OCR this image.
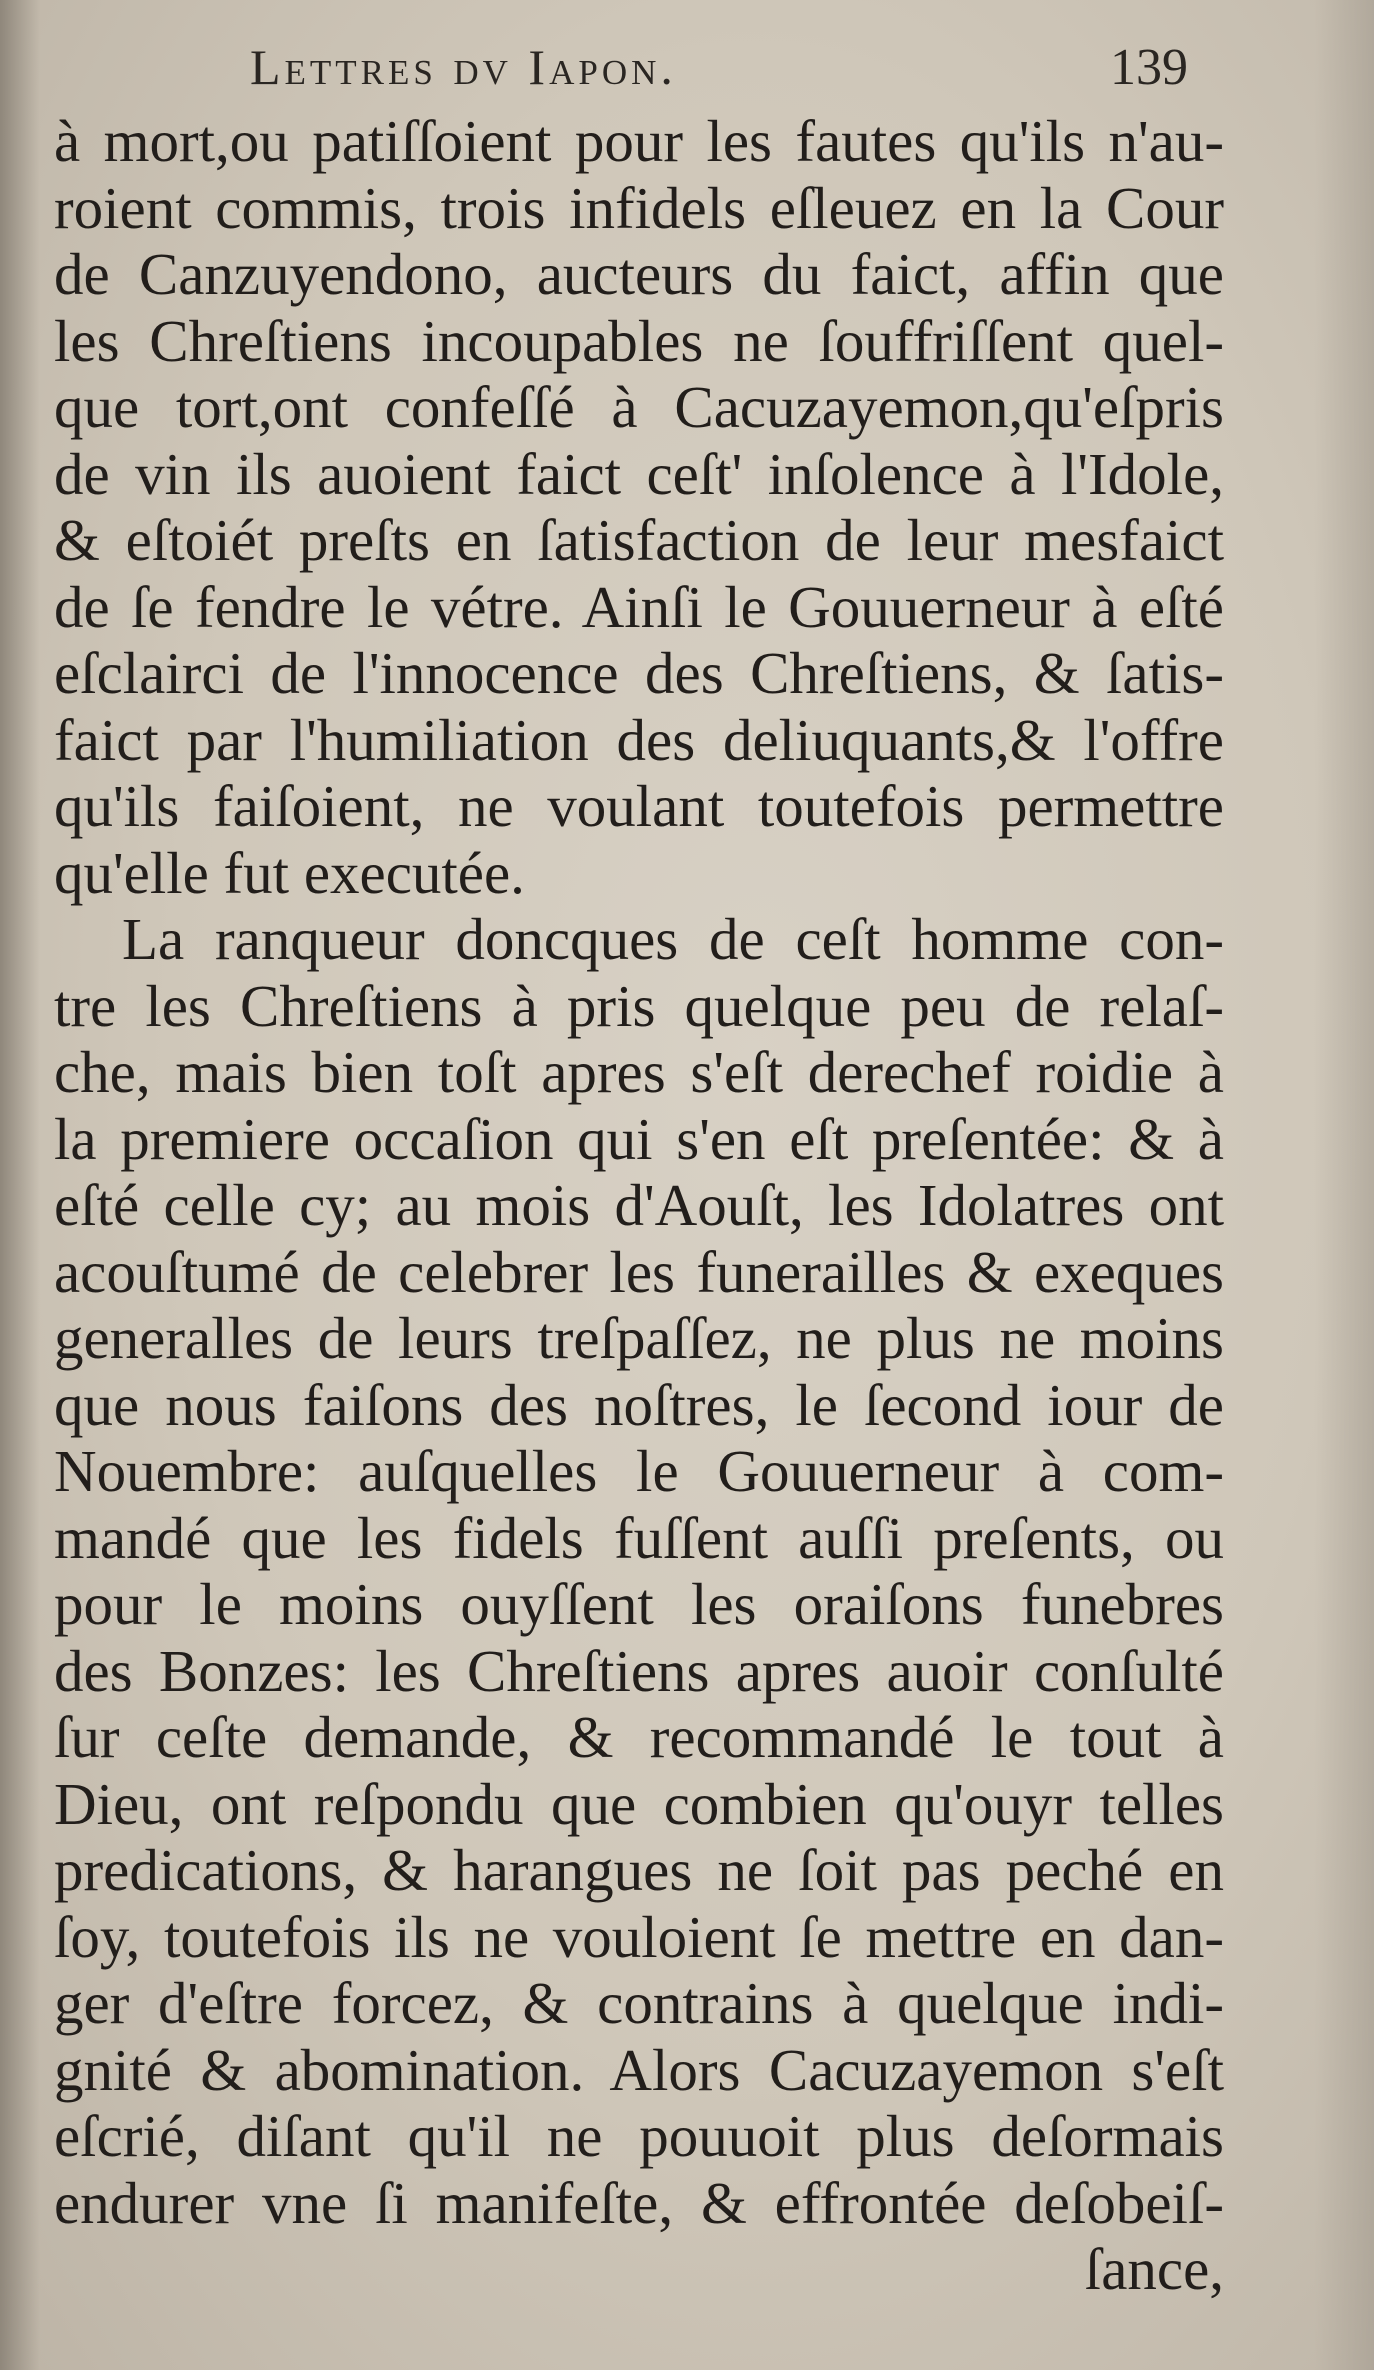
Lettres dv Iapon.	139
à mort,ou patiſſoient pour les fautes qu'ils n'au-
roient commis, trois infidels eſleuez en la Cour
de Canzuyendono, aucteurs du faict, affin que
les Chreſtiens incoupables ne ſouffriſſent quel-
que tort,ont confeſſé à Cacuzayemon,qu'eſpris
de vin ils auoient faict ceſt' inſolence à l'Idole,
& eſtoiét preſts en ſatisfaction de leur mesfaict
de ſe fendre le vétre. Ainſi le Gouuerneur à eſté
eſclairci de l'innocence des Chreſtiens, & ſatis-
faict par l'humiliation des deliuquants,& l'offre
qu'ils faiſoient, ne voulant toutefois permettre
qu'elle fut executée.
La ranqueur doncques de ceſt homme con-
tre les Chreſtiens à pris quelque peu de relaſ-
che, mais bien toſt apres s'eſt derechef roidie à
la premiere occaſion qui s'en eſt preſentée: & à
eſté celle cy; au mois d'Aouſt, les Idolatres ont
acouſtumé de celebrer les funerailles & exeques
generalles de leurs treſpaſſez, ne plus ne moins
que nous faiſons des noſtres, le ſecond iour de
Nouembre: auſquelles le Gouuerneur à com-
mandé que les fidels fuſſent auſſi preſents, ou
pour le moins ouyſſent les oraiſons funebres
des Bonzes: les Chreſtiens apres auoir conſulté
ſur ceſte demande, & recommandé le tout à
Dieu, ont reſpondu que combien qu'ouyr telles
predications, & harangues ne ſoit pas peché en
ſoy, toutefois ils ne vouloient ſe mettre en dan-
ger d'eſtre forcez, & contrains à quelque indi-
gnité & abomination. Alors Cacuzayemon s'eſt
eſcrié, diſant qu'il ne pouuoit plus deſormais
endurer vne ſi manifeſte, & effrontée deſobeiſ-
ſance,
